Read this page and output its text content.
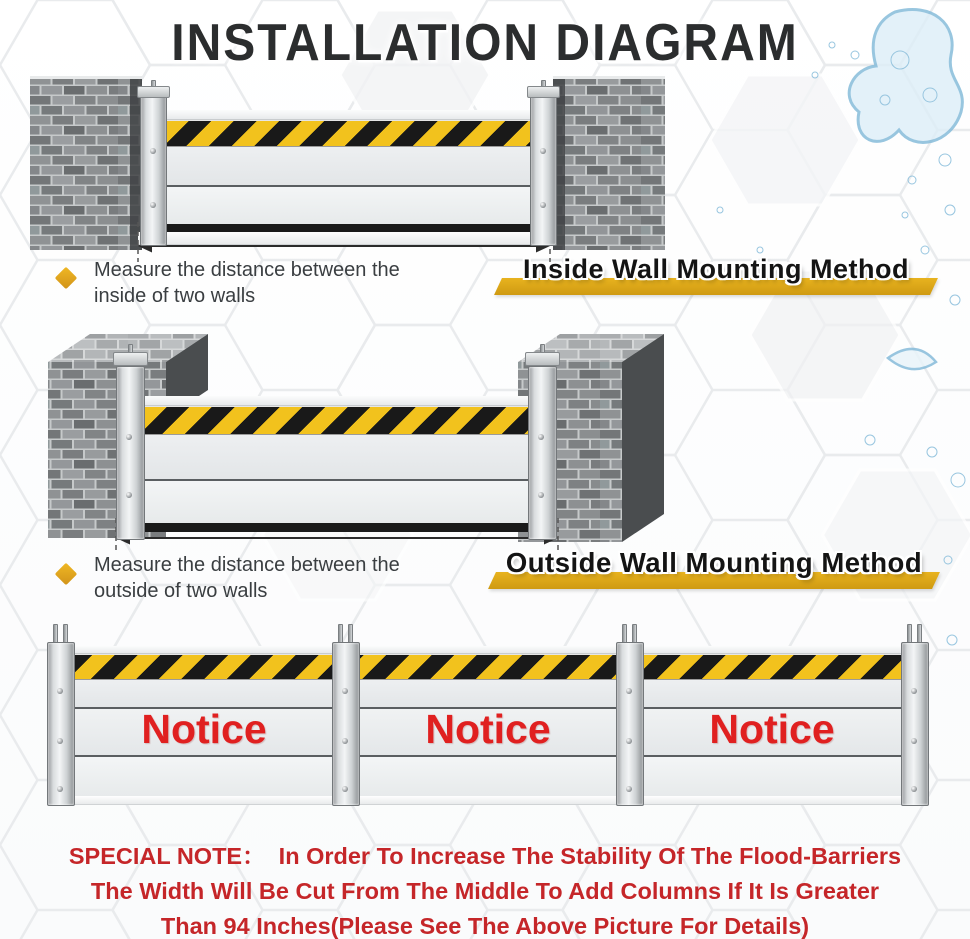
INSTALLATION DIAGRAM
Measure the distance between the inside of two walls
Inside Wall Mounting Method
Measure the distance between the outside of two walls
Outside Wall Mounting Method
Notice	Notice	Notice
SPECIAL NOTE：  In Order To Increase The Stability Of The Flood-Barriers
The Width Will Be Cut From The Middle To Add Columns If It Is Greater
Than 94 Inches(Please See The Above Picture For Details)
